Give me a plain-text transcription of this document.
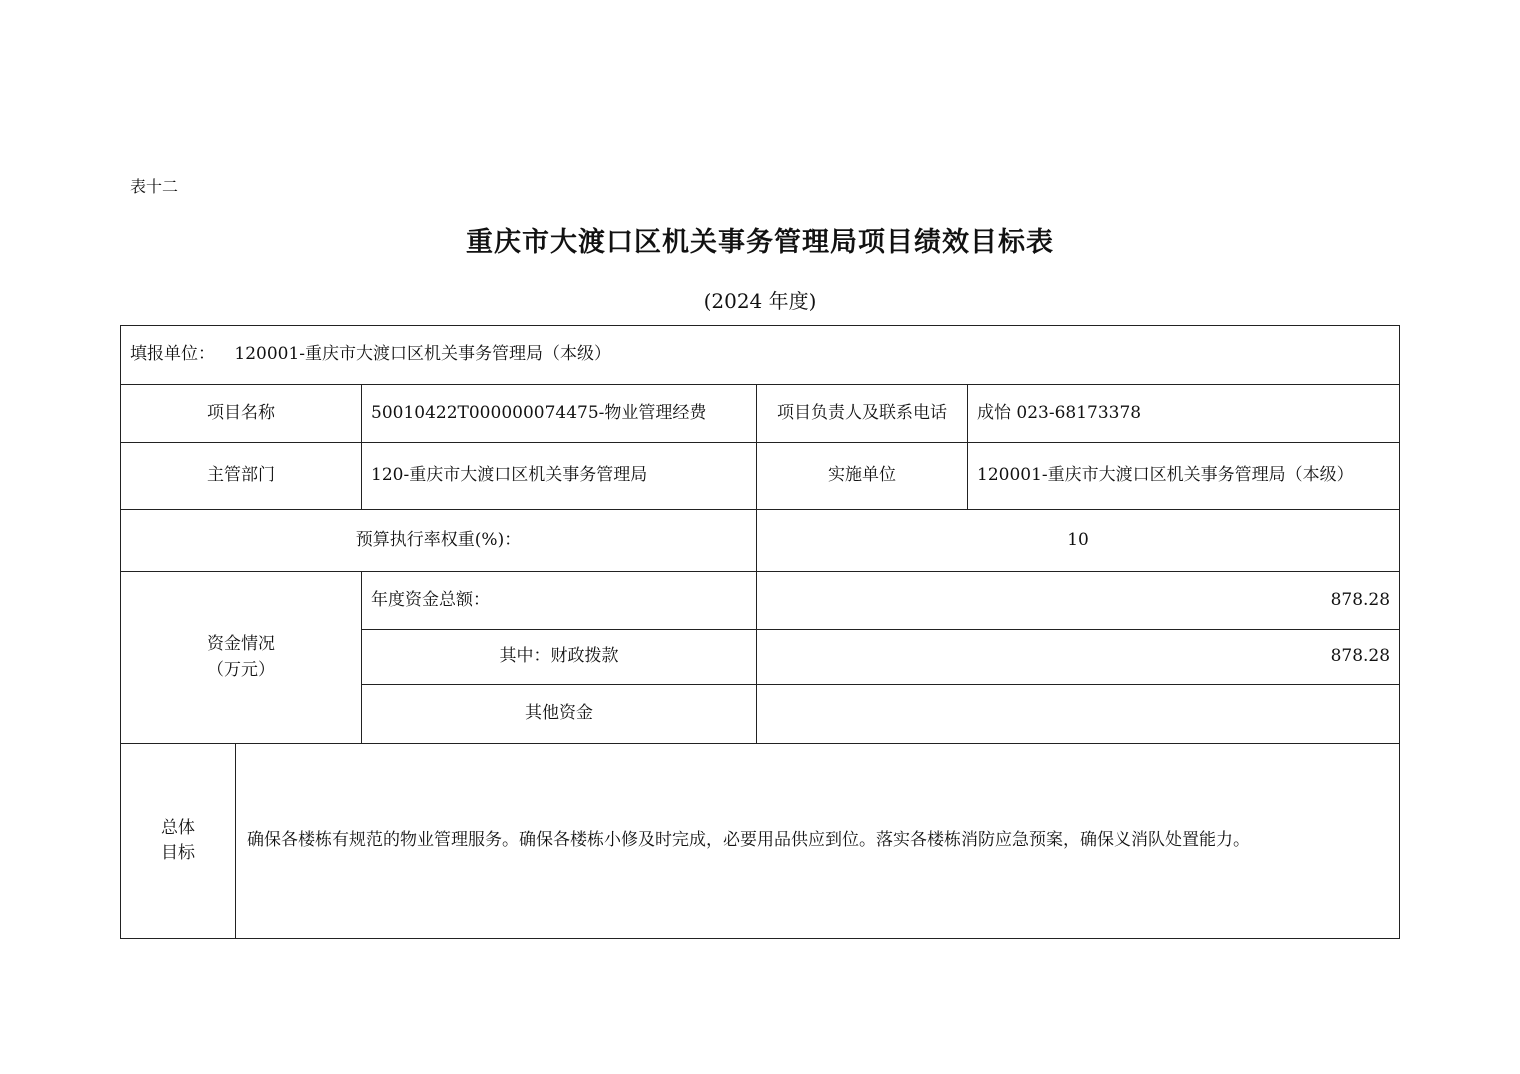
表十二
重庆市大渡口区机关事务管理局项目绩效目标表
(2024 年度)
填报单位： 120001-重庆市大渡口区机关事务管理局（本级）				
项目名称		50010422T000000074475-物业管理经费	项目负责人及联系电话	成怡 023-68173378
主管部门		120-重庆市大渡口区机关事务管理局	实施单位	120001-重庆市大渡口区机关事务管理局（本级）
预算执行率权重(%)：			10	

资金情况
（万元）		年度资金总额：	878.28	
		其中：财政拨款	878.28	
		其他资金		

总体
目标	确保各楼栋有规范的物业管理服务。确保各楼栋小修及时完成，必要用品供应到位。落实各楼栋消防应急预案，确保义消队处置能力。			
